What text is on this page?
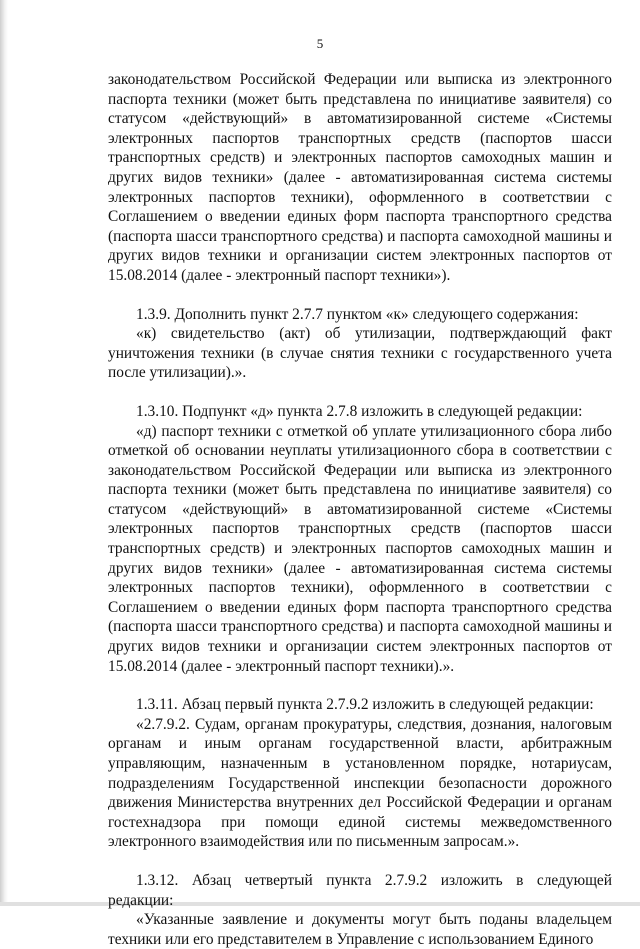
5

законодательством Российской Федерации или выписка из электронного паспорта техники (может быть представлена по инициативе заявителя) со статусом «действующий» в автоматизированной системе «Системы электронных паспортов транспортных средств (паспортов шасси транспортных средств) и электронных паспортов самоходных машин и других видов техники» (далее - автоматизированная система системы электронных паспортов техники), оформленного в соответствии с Соглашением о введении единых форм паспорта транспортного средства (паспорта шасси транспортного средства) и паспорта самоходной машины и других видов техники и организации систем электронных паспортов от 15.08.2014 (далее - электронный паспорт техники»).

1.3.9. Дополнить пункт 2.7.7 пунктом «к» следующего содержания:

«к) свидетельство (акт) об утилизации, подтверждающий факт уничтожения техники (в случае снятия техники с государственного учета после утилизации).».

1.3.10. Подпункт «д» пункта 2.7.8 изложить в следующей редакции:

«д) паспорт техники с отметкой об уплате утилизационного сбора либо отметкой об основании неуплаты утилизационного сбора в соответствии с законодательством Российской Федерации или выписка из электронного паспорта техники (может быть представлена по инициативе заявителя) со статусом «действующий» в автоматизированной системе «Системы электронных паспортов транспортных средств (паспортов шасси транспортных средств) и электронных паспортов самоходных машин и других видов техники» (далее - автоматизированная система системы электронных паспортов техники), оформленного в соответствии с Соглашением о введении единых форм паспорта транспортного средства (паспорта шасси транспортного средства) и паспорта самоходной машины и других видов техники и организации систем электронных паспортов от 15.08.2014 (далее - электронный паспорт техники).».

1.3.11. Абзац первый пункта 2.7.9.2 изложить в следующей редакции:

«2.7.9.2. Судам, органам прокуратуры, следствия, дознания, налоговым органам и иным органам государственной власти, арбитражным управляющим, назначенным в установленном порядке, нотариусам, подразделениям Государственной инспекции безопасности дорожного движения Министерства внутренних дел Российской Федерации и органам гостехнадзора при помощи единой системы межведомственного электронного взаимодействия или по письменным запросам.».

1.3.12. Абзац четвертый пункта 2.7.9.2 изложить в следующей редакции:

«Указанные заявление и документы могут быть поданы владельцем техники или его представителем в Управление с использованием Единого
